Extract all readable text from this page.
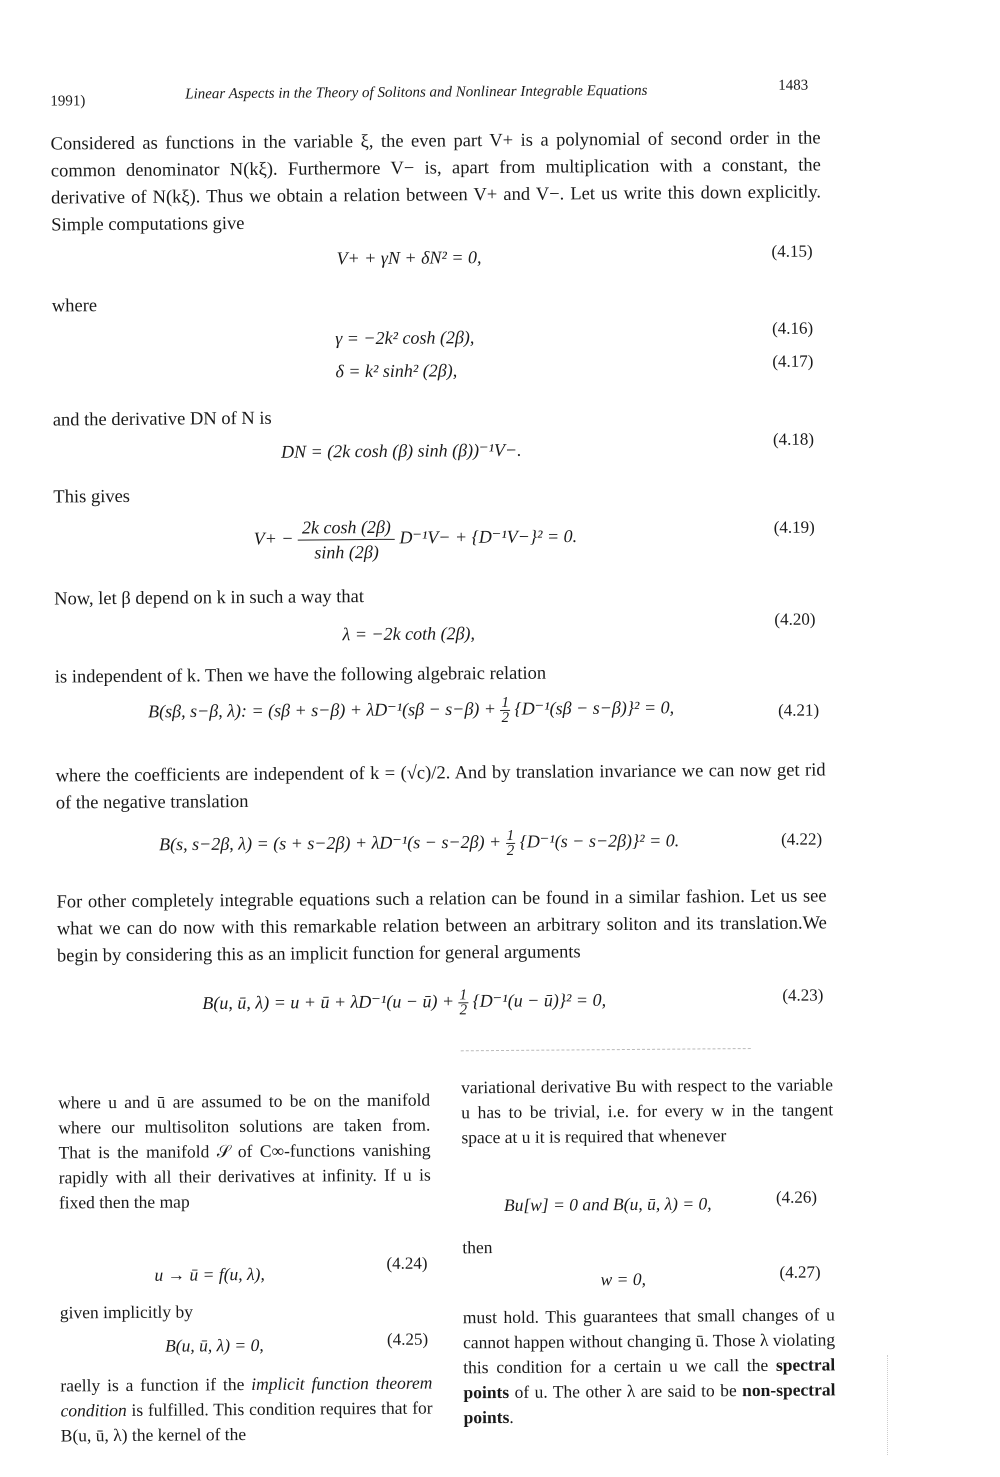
1991)	Linear Aspects in the Theory of Solitons and Nonlinear Integrable Equations	1483
Considered as functions in the variable ξ, the even part V+ is a polynomial of second order in the common denominator N(kξ). Furthermore V− is, apart from multiplication with a constant, the derivative of N(kξ). Thus we obtain a relation between V+ and V−. Let us write this down explicitly. Simple computations give
V+ + γN + δN² = 0,	(4.15)
where
γ = −2k² cosh (2β),	(4.16)
δ = k² sinh² (2β),	(4.17)
and the derivative DN of N is
DN = (2k cosh (β) sinh (β))⁻¹V−.
(4.18)
This gives
$V+ - \frac{\text{2k cosh (2β)}}{\sinh (2\beta)} D^{-1}V- + \{D^{-1}V-\}^2 = 0$.	(4.19)
Now, let β depend on k in such a way that
λ = −2k coth (2β),
(4.20)
is independent of k. Then we have the following algebraic relation
B(sβ, s−β, λ): = $(s\beta + s-\beta) + \lambda D^{-1}(s\beta - s-\beta) + \frac{1}{2} \{D^{-1}(s\beta - s-\beta)\}^2 = 0$,	(4.21)
where the coefficients are independent of k = (√c)/2. And by translation invariance we can now get rid of the negative translation
B(s, s−2β, $\lambda) = (s + s-2\beta) + \lambda D^{-1}(s - s-2\beta) + \frac{1}{2} \{D^{-1}(s - s-2\beta)\}^2 = 0$.	(4.22)
For other completely integrable equations such a relation can be found in a similar fashion. Let us see what we can do now with this remarkable relation between an arbitrary soliton and its translation.We begin by considering this as an implicit function for general arguments
B(u, ū, λ) = u + ū + λD⁻¹(u − ū) + $\frac{1}{2} \{D^{-1}(u$ − ū)}² = 0,	(4.23)
where u and ū are assumed to be on the manifold where our multisoliton solutions are taken from. That is the manifold 𝒮 of C∞-functions vanishing rapidly with all their derivatives at infinity. If u is fixed then the map
u → ū = f(u, λ),
(4.24)
given implicitly by
B(u, ū, λ) = 0,	(4.25)
raelly is a function if the implicit function theorem condition is fulfilled. This condition requires that for B(u, ū, λ) the kernel of the
variational derivative Bu with respect to the variable u has to be trivial, i.e. for every w in the tangent space at u it is required that whenever
Bu[w] = 0 and B(u, ū, λ) = 0,	(4.26)
then
w = 0,	(4.27)
must hold. This guarantees that small changes of u cannot happen without changing ū. Those λ violating this condition for a certain u we call the spectral points of u. The other λ are said to be non-spectral points.
